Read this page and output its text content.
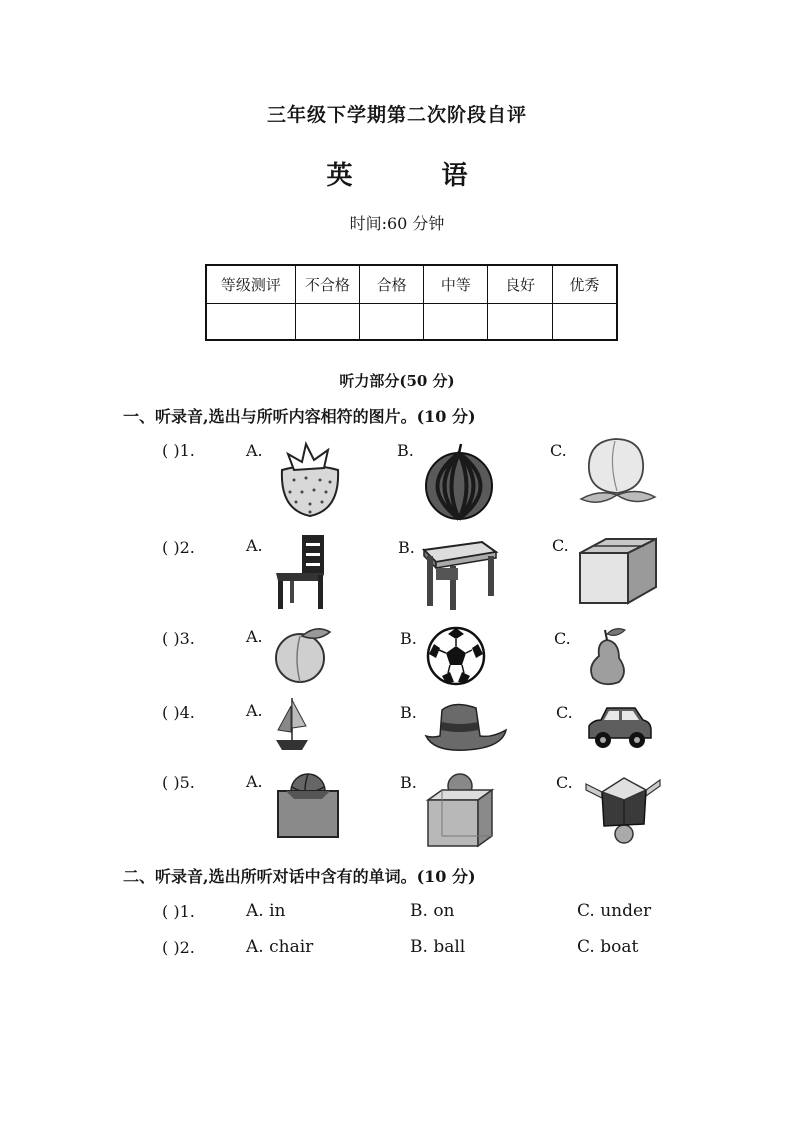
三年级下学期第二次阶段自评
英 语
时间:60 分钟
等级测评	不合格	合格	中等	良好	优秀

听力部分(50 分)
一、听录音,选出与所听内容相符的图片。(10 分)
( )1.	A.	B.	C.
( )2.	A.	B.	C.
( )3.	A.	B.	C.
( )4.	A.	B.	C.
( )5.	A.	B.	C.
二、听录音,选出所听对话中含有的单词。(10 分)
( )1.	A. in	B. on	C. under
( )2.	A. chair	B. ball	C. boat
